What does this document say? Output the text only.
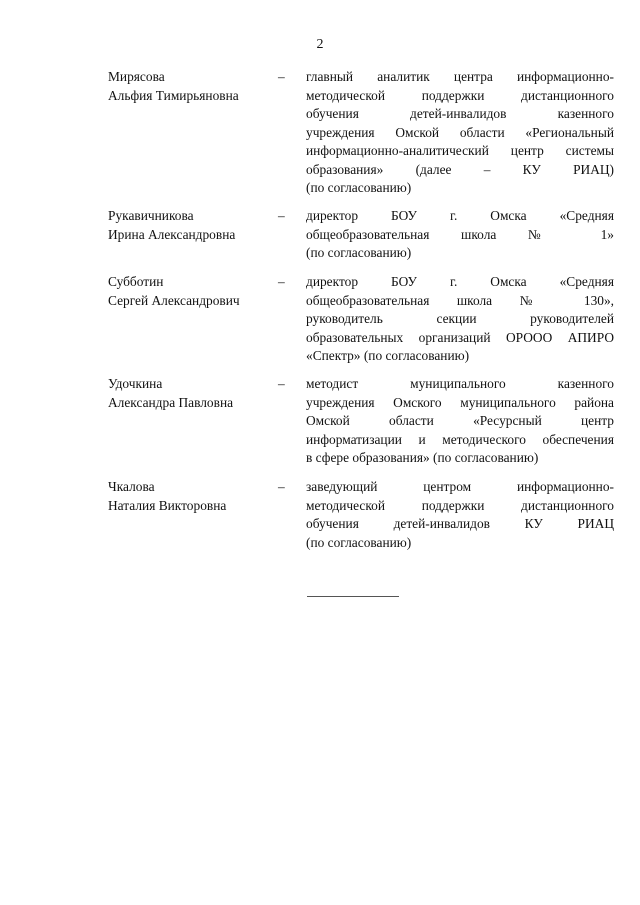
2
Мирясова
Альфия Тимирьяновна
–	главный аналитик центра информационно-
методической поддержки дистанционного
обучения детей-инвалидов казенного
учреждения Омской области «Региональный
информационно-аналитический центр системы
образования» (далее – КУ РИАЦ)
(по согласованию)
Рукавичникова
Ирина Александровна
–	директор БОУ г. Омска «Средняя
общеобразовательная школа № 1»
(по согласованию)
Субботин
Сергей Александрович
–	директор БОУ г. Омска «Средняя
общеобразовательная школа № 130»,
руководитель секции руководителей
образовательных организаций ОРООО АПИРО
«Спектр» (по согласованию)
Удочкина
Александра Павловна
–	методист муниципального казенного
учреждения Омского муниципального района
Омской области «Ресурсный центр
информатизации и методического обеспечения
в сфере образования» (по согласованию)
Чкалова
Наталия Викторовна
–	заведующий центром информационно-
методической поддержки дистанционного
обучения детей-инвалидов КУ РИАЦ
(по согласованию)
